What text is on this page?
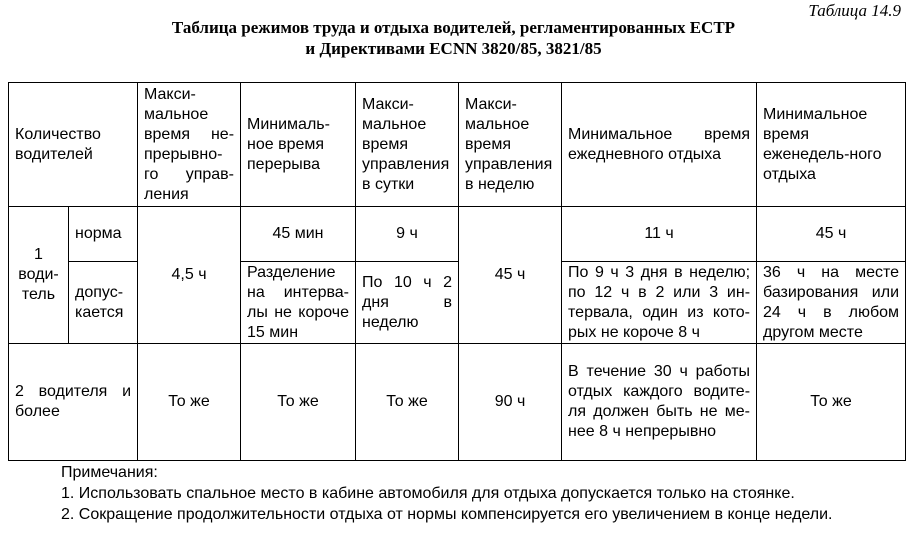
Таблица 14.9
Таблица режимов труда и отдыха водителей, регламентированных ЕСТР
и Директивами ECNN 3820/85, 3821/85
Количество водителей		Макси-мальное время не-прерывно-го управ-ления	Минималь-ное время перерыва	Макси-мальное время управления в сутки	Макси-мальное время управления в неделю	Минимальное время ежедневного отдыха	Минимальное время еженедель-ного отдыха
1 води-тель	норма	4,5 ч	45 мин	9 ч	45 ч	11 ч	45 ч
	допус-кается		Разделение на интерва-лы не короче 15 мин	По 10 ч 2 дня в неделю		По 9 ч 3 дня в неделю; по 12 ч в 2 или 3 ин-тервала, один из кото-рых не короче 8 ч	36 ч на месте базирования или 24 ч в любом другом месте
2 водителя и более		То же	То же	То же	90 ч	В течение 30 ч работы отдых каждого водите-ля должен быть не ме-нее 8 ч непрерывно	То же
Примечания:
1. Использовать спальное место в кабине автомобиля для отдыха допускается только на стоянке.
2. Сокращение продолжительности отдыха от нормы компенсируется его увеличением в конце недели.
